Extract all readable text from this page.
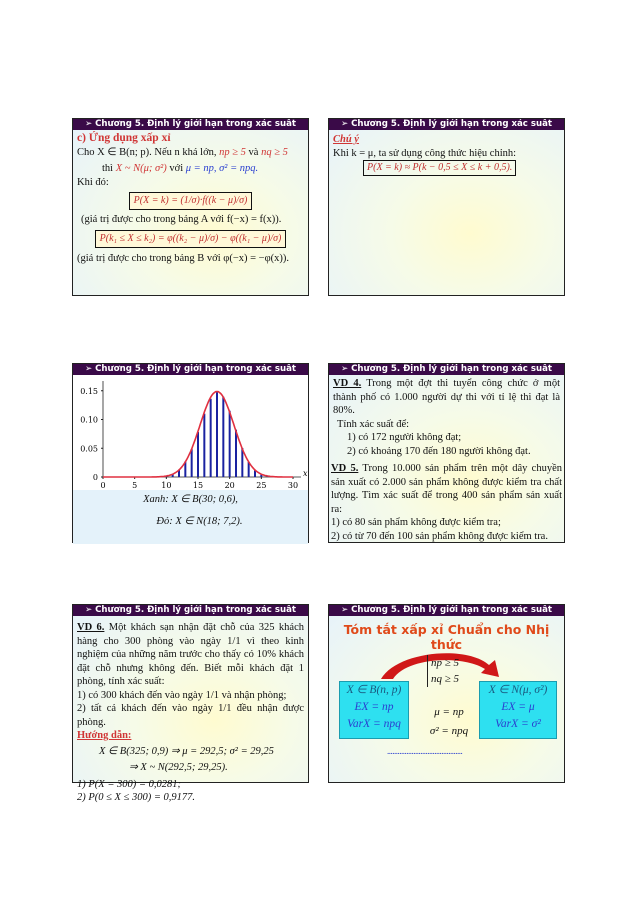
➢ Chương 5. Định lý giới hạn trong xác suất
c) Ứng dụng xấp xỉ
Cho X ∈ B(n; p). Nếu n khá lớn, np ≥ 5 và nq ≥ 5
thì X ~ N(μ; σ²) với μ = np, σ² = npq.
Khi đó:
P(X = k) = (1/σ)·f((k − μ)/σ)
(giá trị được cho trong bảng A với f(−x) = f(x)).
P(k₁ ≤ X ≤ k₂) = φ((k₂ − μ)/σ) − φ((k₁ − μ)/σ)
(giá trị được cho trong bảng B với φ(−x) = −φ(x)).
➢ Chương 5. Định lý giới hạn trong xác suất
Chú ý
Khi k = μ, ta sử dụng công thức hiệu chỉnh:
P(X = k) ≈ P(k − 0,5 ≤ X ≤ k + 0,5).
➢ Chương 5. Định lý giới hạn trong xác suất
0	5	10	15	20	25	30
0
0.05
0.10
0.15
x
Xanh: X ∈ B(30; 0,6),
Đỏ: X ∈ N(18; 7,2).
➢ Chương 5. Định lý giới hạn trong xác suất
VD 4. Trong một đợt thi tuyển công chức ở một thành phố có 1.000 người dự thi với tỉ lệ thi đạt là 80%.
Tính xác suất để:
1) có 172 người không đạt;
2) có khoảng 170 đến 180 người không đạt.
VD 5. Trong 10.000 sản phẩm trên một dây chuyền sản xuất có 2.000 sản phẩm không được kiểm tra chất lượng. Tìm xác suất để trong 400 sản phẩm sản xuất ra:
1) có 80 sản phẩm không được kiểm tra;
2) có từ 70 đến 100 sản phẩm không được kiểm tra.
➢ Chương 5. Định lý giới hạn trong xác suất
VD 6. Một khách sạn nhận đặt chỗ của 325 khách hàng cho 300 phòng vào ngày 1/1 vì theo kinh nghiệm của những năm trước cho thấy có 10% khách đặt chỗ nhưng không đến. Biết mỗi khách đặt 1 phòng, tính xác suất:
1) có 300 khách đến vào ngày 1/1 và nhận phòng;
2) tất cả khách đến vào ngày 1/1 đều nhận được phòng.
Hướng dẫn:
X ∈ B(325; 0,9) ⇒ μ = 292,5; σ² = 29,25
⇒ X ~ N(292,5; 29,25).
1) P(X = 300) = 0,0281;
2) P(0 ≤ X ≤ 300) = 0,9177.
➢ Chương 5. Định lý giới hạn trong xác suất
Tóm tắt xấp xỉ Chuẩn cho Nhị thức
np ≥ 5
nq ≥ 5
X ∈ B(n, p)
EX = np
VarX = npq
μ = np
σ² = npq
X ∈ N(μ, σ²)
EX = μ
VarX = σ²
...........................................
